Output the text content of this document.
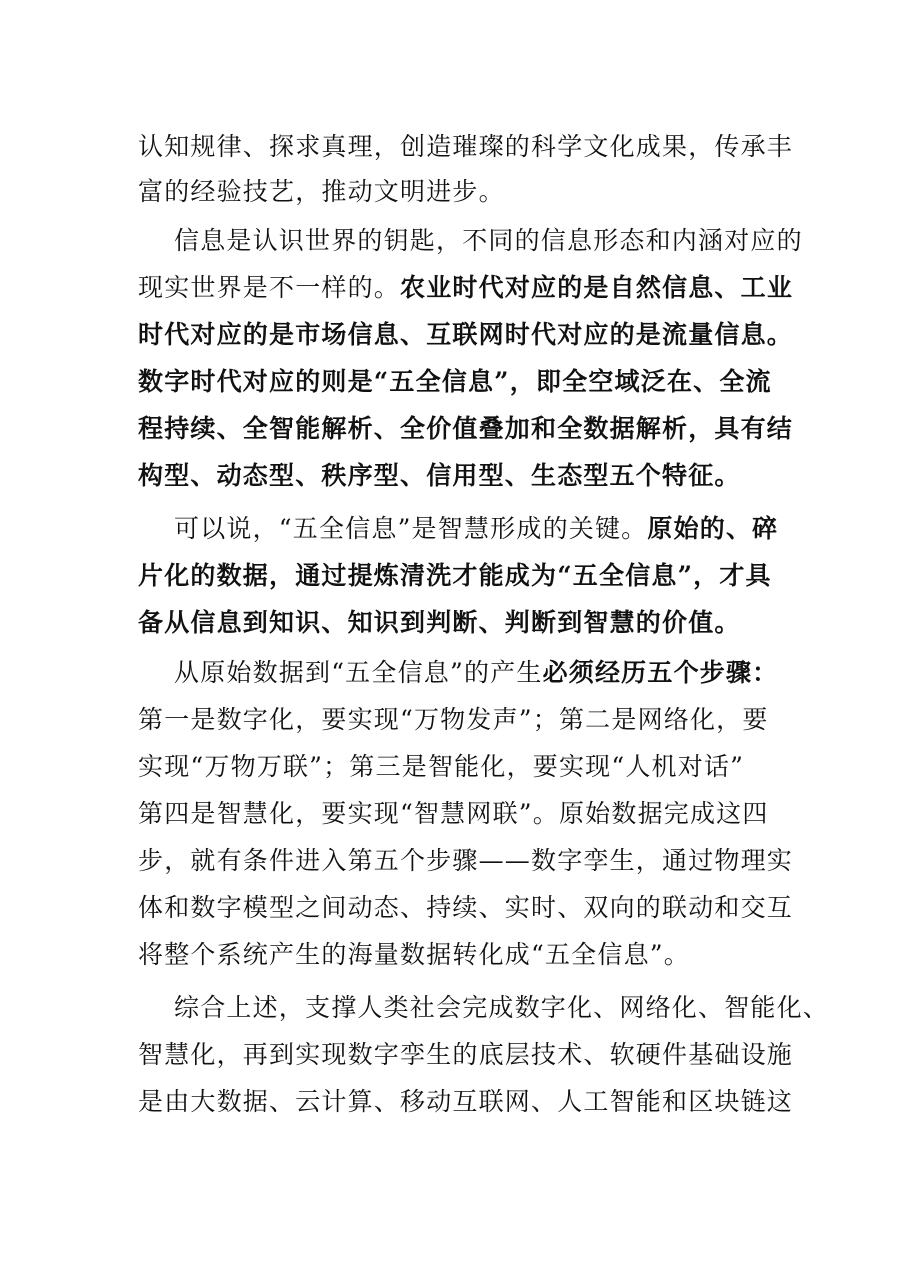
认知规律、探求真理，创造璀璨的科学文化成果，传承丰
富的经验技艺，推动文明进步。
信息是认识世界的钥匙，不同的信息形态和内涵对应的
现实世界是不一样的。农业时代对应的是自然信息、工业
时代对应的是市场信息、互联网时代对应的是流量信息。
数字时代对应的则是“五全信息”，即全空域泛在、全流
程持续、全智能解析、全价值叠加和全数据解析，具有结
构型、动态型、秩序型、信用型、生态型五个特征。
可以说，“五全信息”是智慧形成的关键。原始的、碎
片化的数据，通过提炼清洗才能成为“五全信息”，才具
备从信息到知识、知识到判断、判断到智慧的价值。
从原始数据到“五全信息”的产生必须经历五个步骤：
第一是数字化，要实现“万物发声”；第二是网络化，要
实现“万物万联”；第三是智能化，要实现“人机对话”
第四是智慧化，要实现“智慧网联”。原始数据完成这四
步，就有条件进入第五个步骤——数字孪生，通过物理实
体和数字模型之间动态、持续、实时、双向的联动和交互
将整个系统产生的海量数据转化成“五全信息”。
综合上述，支撑人类社会完成数字化、网络化、智能化、
智慧化，再到实现数字孪生的底层技术、软硬件基础设施
是由大数据、云计算、移动互联网、人工智能和区块链这
